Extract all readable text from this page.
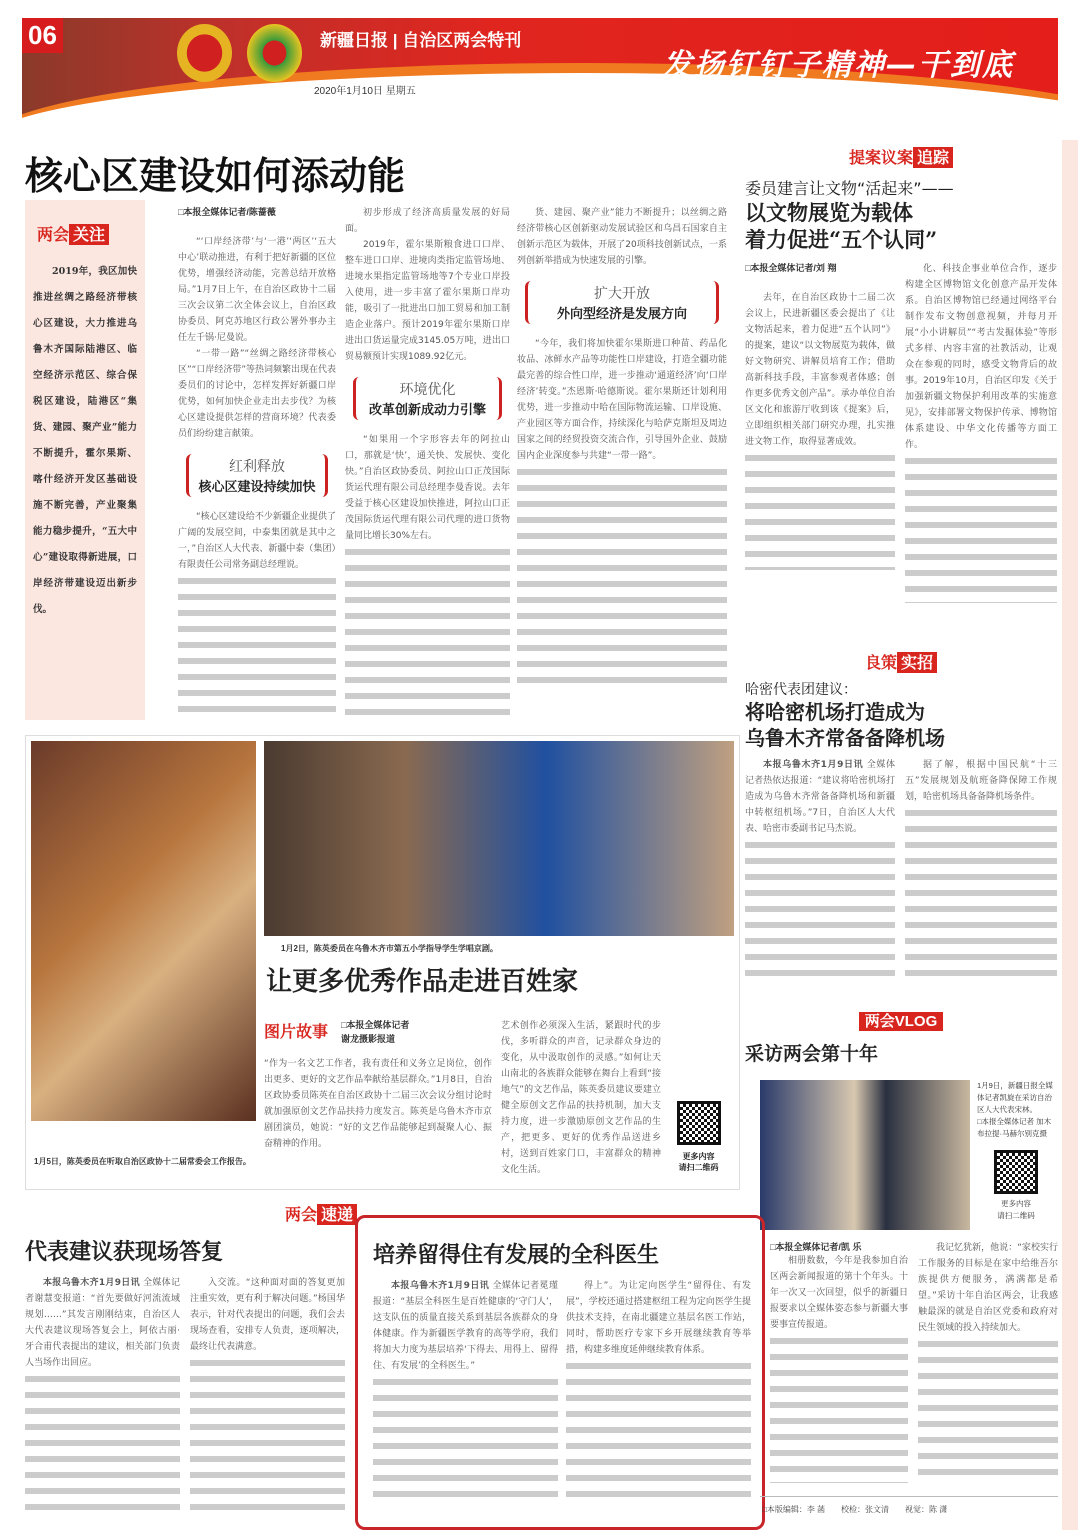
06	新疆日报 | 自治区两会特刊
2020年1月10日 星期五
发扬钉钉子精神—干到底
核心区建设如何添动能
两会 关注
2019年，我区加快推进丝绸之路经济带核心区建设，大力推进乌鲁木齐国际陆港区、临空经济示范区、综合保税区建设，陆港区“集货、建园、聚产业”能力不断提升，霍尔果斯、喀什经济开发区基础设施不断完善，产业聚集能力稳步提升，“五大中心”建设取得新进展，口岸经济带建设迈出新步伐。
□本报全媒体记者/陈蔷薇

“‘口岸经济带’与‘一港’‘两区’‘五大中心’联动推进，有利于把好新疆的区位优势，增强经济动能，完善总结开放格局。”1月7日上午，在自治区政协十二届三次会议第二次全体会议上，自治区政协委员、阿克苏地区行政公署外事办主任左千锅·尼曼说。

“一带一路”“丝绸之路经济带核心区”“口岸经济带”等热词频繁出现在代表委员们的讨论中，怎样发挥好新疆口岸优势，如何加快企业走出去步伐？为核心区建设提供怎样的营商环境？代表委员们纷纷建言献策。

红利释放
核心区建设持续加快

“核心区建设给不少新疆企业提供了广阔的发展空间，中泰集团就是其中之一，”自治区人大代表、新疆中泰（集团）有限责任公司常务副总经理说。

初步形成了经济高质量发展的好局面。

2019年，霍尔果斯粮食进口口岸、整车进口口岸、进境肉类指定监管场地、进境水果指定监管场地等7个专业口岸投入使用，进一步丰富了霍尔果斯口岸功能，吸引了一批进出口加工贸易和加工制造企业落户。预计2019年霍尔果斯口岸进出口货运量完成3145.05万吨，进出口贸易额预计实现1089.92亿元。

环境优化
改革创新成动力引擎

“如果用一个字形容去年的阿拉山口，那就是‘快’，通关快、发展快、变化快。”自治区政协委员、阿拉山口正茂国际货运代理有限公司总经理李曼香说。去年受益于核心区建设加快推进，阿拉山口正茂国际货运代理有限公司代理的进口货物量同比增长30%左右。

货、建园、聚产业”能力不断提升；以丝绸之路经济带核心区创新驱动发展试验区和乌昌石国家自主创新示范区为载体，开展了20项科技创新试点，一系列创新举措成为快速发展的引擎。

扩大开放
外向型经济是发展方向

“今年，我们将加快霍尔果斯进口种苗、药品化妆品、冰鲜水产品等功能性口岸建设，打造全疆功能最完善的综合性口岸，进一步推动‘通道经济’向‘口岸经济’转变。”杰恩斯·哈德斯说。霍尔果斯还计划利用优势，进一步推动中哈在国际物流运输、口岸设施、产业园区等方面合作，持续深化与哈萨克斯坦及周边国家之间的经贸投资交流合作，引导国外企业、鼓励国内企业深度参与共建“一带一路”。

提案议案 追踪
委员建言让文物“活起来”——
以文物展览为载体
着力促进“五个认同”
□本报全媒体记者/刘 翔

去年，在自治区政协十二届二次会议上，民进新疆区委会提出了《让文物活起来，着力促进“五个认同”》的提案，建议“以文物展览为载体，做好文物研究、讲解员培育工作；借助高新科技手段，丰富参观者体感；创作更多优秀文创产品”。承办单位自治区文化和旅游厅收到该《提案》后，立即组织相关部门研究办理，扎实推进文物工作，取得显著成效。

化、科技企事业单位合作，逐步构建全区博物馆文化创意产品开发体系。自治区博物馆已经通过网络平台制作发布文物创意视频，并每月开展“小小讲解员”“考古发掘体验”等形式多样、内容丰富的社教活动，让观众在参观的同时，感受文物背后的故事。2019年10月，自治区印发《关于加强新疆文物保护利用改革的实施意见》，安排部署文物保护传承、博物馆体系建设、中华文化传播等方面工作。

良策 实招
哈密代表团建议：
将哈密机场打造成为
乌鲁木齐常备备降机场

本报乌鲁木齐1月9日讯 全媒体记者热依达报道：“建议将哈密机场打造成为乌鲁木齐常备备降机场和新疆中转枢纽机场。”7日，自治区人大代表、哈密市委副书记马杰说。

据了解，根据中国民航“十三五”发展规划及航班备降保障工作规划，哈密机场具备备降机场条件。

两会VLOG
采访两会第十年
1月9日，新疆日报全媒体记者凯旋在采访自治区人大代表宋林。
□本报全媒体记者 加木布拉提·马赫尔别克摄
更多内容
请扫二维码
1月5日，陈英委员在听取自治区政协十二届常委会工作报告。
1月2日，陈英委员在乌鲁木齐市第五小学指导学生学唱京剧。
让更多优秀作品走进百姓家
图片故事 □本报全媒体记者
谢龙摄影报道
“作为一名文艺工作者，我有责任和义务立足岗位，创作出更多、更好的文艺作品奉献给基层群众。”1月8日，自治区政协委员陈英在自治区政协十二届三次会议分组讨论时就加强原创文艺作品扶持力度发言。陈英是乌鲁木齐市京剧团演员，她说：“好的文艺作品能够起到凝聚人心、振奋精神的作用。
艺术创作必须深入生活，紧跟时代的步伐，多听群众的声音，记录群众身边的变化，从中汲取创作的灵感。”如何让天山南北的各族群众能够在舞台上看到“接地气”的文艺作品，陈英委员建议要建立健全原创文艺作品的扶持机制，加大支持力度，进一步激励原创文艺作品的生产，把更多、更好的优秀作品送进乡村，送到百姓家门口，丰富群众的精神文化生活。
更多内容
请扫二维码
两会 速递
代表建议获现场答复

本报乌鲁木齐1月9日讯 全媒体记者谢慧变报道：“首先要做好河流流域规划……”其发言刚刚结束，自治区人大代表建议现场答复会上，阿依古丽·牙合甫代表提出的建议，相关部门负责人当场作出回应。

入交流。“这种面对面的答复更加注重实效，更有利于解决问题。”杨国华表示，针对代表提出的问题，我们会去现场查看，安排专人负责，逐项解决，最终让代表满意。

培养留得住有发展的全科医生

本报乌鲁木齐1月9日讯 全媒体记者冕瑾报道：“基层全科医生是百姓健康的‘守门人’，这支队伍的质量直接关系到基层各族群众的身体健康。作为新疆医学教育的高等学府，我们将加大力度为基层培养‘下得去、用得上、留得住、有发展’的全科医生。”

得上”。为让定向医学生“留得住、有发展”，学校还通过搭建枢纽工程为定向医学生提供技术支持，在南北疆建立基层名医工作站，同时，帮助医疗专家下乡开展继续教育等举措，构建多维度延伸继续教育体系。

□本报全媒体记者/凯 乐

相册数数，今年是我参加自治区两会新闻报道的第十个年头。十年一次又一次回望，似乎的新疆日报要求以全媒体姿态参与新疆大事要事宣传报道。

我记忆犹新，他说：“家校实行工作服务的目标是在家中给维吾尔族提供方便服务，满满都是希望。”采访十年自治区两会，让我感触最深的就是自治区党委和政府对民生领域的投入持续加大。

□本版编辑：李 菡　　校检：张文清　　视觉：陈 潇
